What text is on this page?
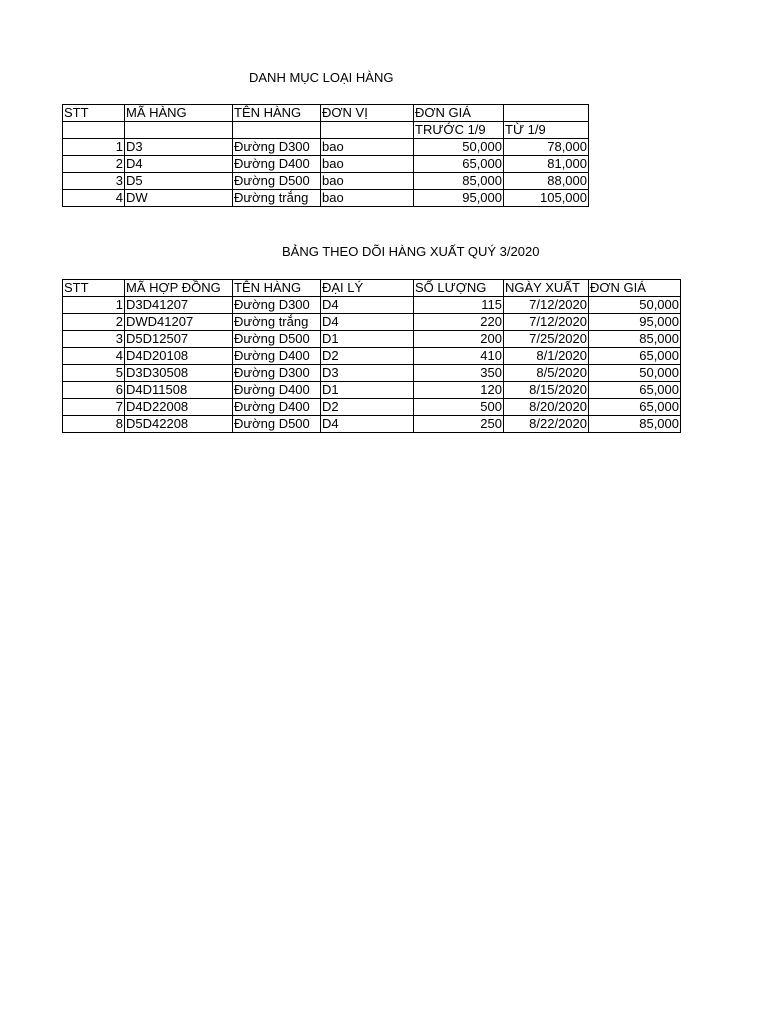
DANH MỤC LOẠI HÀNG
STT	MÃ HÀNG	TÊN HÀNG	ĐƠN VỊ	ĐƠN GIÁ	
				TRƯỚC 1/9	TỪ 1/9
1	D3	Đường D300	bao	50,000	78,000
2	D4	Đường D400	bao	65,000	81,000
3	D5	Đường D500	bao	85,000	88,000
4	DW	Đường trắng	bao	95,000	105,000
BẢNG THEO DÕI HÀNG XUẤT QUÝ 3/2020
STT	MÃ HỢP ĐỒNG	TÊN HÀNG	ĐẠI LÝ	SỐ LƯỢNG	NGÀY XUẤT	ĐƠN GIÁ
1	D3D41207	Đường D300	D4	115	7/12/2020	50,000
2	DWD41207	Đường trắng	D4	220	7/12/2020	95,000
3	D5D12507	Đường D500	D1	200	7/25/2020	85,000
4	D4D20108	Đường D400	D2	410	8/1/2020	65,000
5	D3D30508	Đường D300	D3	350	8/5/2020	50,000
6	D4D11508	Đường D400	D1	120	8/15/2020	65,000
7	D4D22008	Đường D400	D2	500	8/20/2020	65,000
8	D5D42208	Đường D500	D4	250	8/22/2020	85,000
